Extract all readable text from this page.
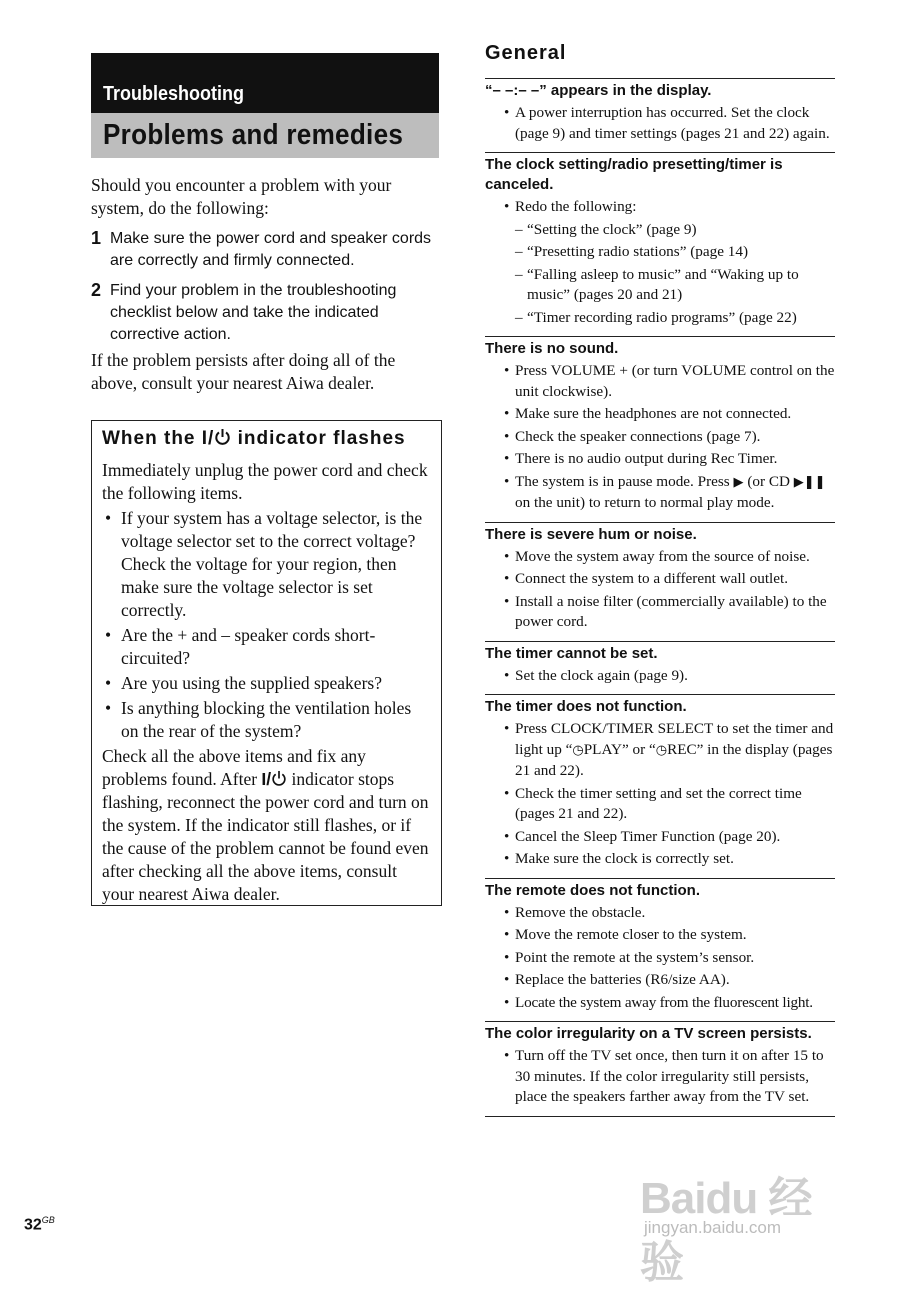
Troubleshooting
Problems and remedies
Should you encounter a problem with your system, do the following:
1 Make sure the power cord and speaker cords are correctly and firmly connected.
2 Find your problem in the troubleshooting checklist below and take the indicated corrective action.
If the problem persists after doing all of the above, consult your nearest Aiwa dealer.
When the I/ indicator flashes

Immediately unplug the power cord and check the following items.

• If your system has a voltage selector, is the voltage selector set to the correct voltage? Check the voltage for your region, then make sure the voltage selector is set correctly.
• Are the + and – speaker cords short-circuited?
• Are you using the supplied speakers?
• Is anything blocking the ventilation holes on the rear of the system?

Check all the above items and fix any problems found. After I/ indicator stops flashing, reconnect the power cord and turn on the system. If the indicator still flashes, or if the cause of the problem cannot be found even after checking all the above items, consult your nearest Aiwa dealer.

General
“– –:– –” appears in the display.
• A power interruption has occurred. Set the clock (page 9) and timer settings (pages 21 and 22) again.
The clock setting/radio presetting/timer is canceled.
• Redo the following:
– “Setting the clock” (page 9)
– “Presetting radio stations” (page 14)
– “Falling asleep to music” and “Waking up to music” (pages 20 and 21)
– “Timer recording radio programs” (page 22)
There is no sound.
• Press VOLUME + (or turn VOLUME control on the unit clockwise).
• Make sure the headphones are not connected.
• Check the speaker connections (page 7).
• There is no audio output during Rec Timer.
• The system is in pause mode. Press ▶ (or CD ▶❚❚ on the unit) to return to normal play mode.
There is severe hum or noise.
• Move the system away from the source of noise.
• Connect the system to a different wall outlet.
• Install a noise filter (commercially available) to the power cord.
The timer cannot be set.
• Set the clock again (page 9).
The timer does not function.
• Press CLOCK/TIMER SELECT to set the timer and light up “◷PLAY” or “◷REC” in the display (pages 21 and 22).
• Check the timer setting and set the correct time (pages 21 and 22).
• Cancel the Sleep Timer Function (page 20).
• Make sure the clock is correctly set.
The remote does not function.
• Remove the obstacle.
• Move the remote closer to the system.
• Point the remote at the system’s sensor.
• Replace the batteries (R6/size AA).
• Locate the system away from the fluorescent light.
The color irregularity on a TV screen persists.
• Turn off the TV set once, then turn it on after 15 to 30 minutes. If the color irregularity still persists, place the speakers farther away from the TV set.
$32^{GB}$	Baidu 经验
jingyan.baidu.com
